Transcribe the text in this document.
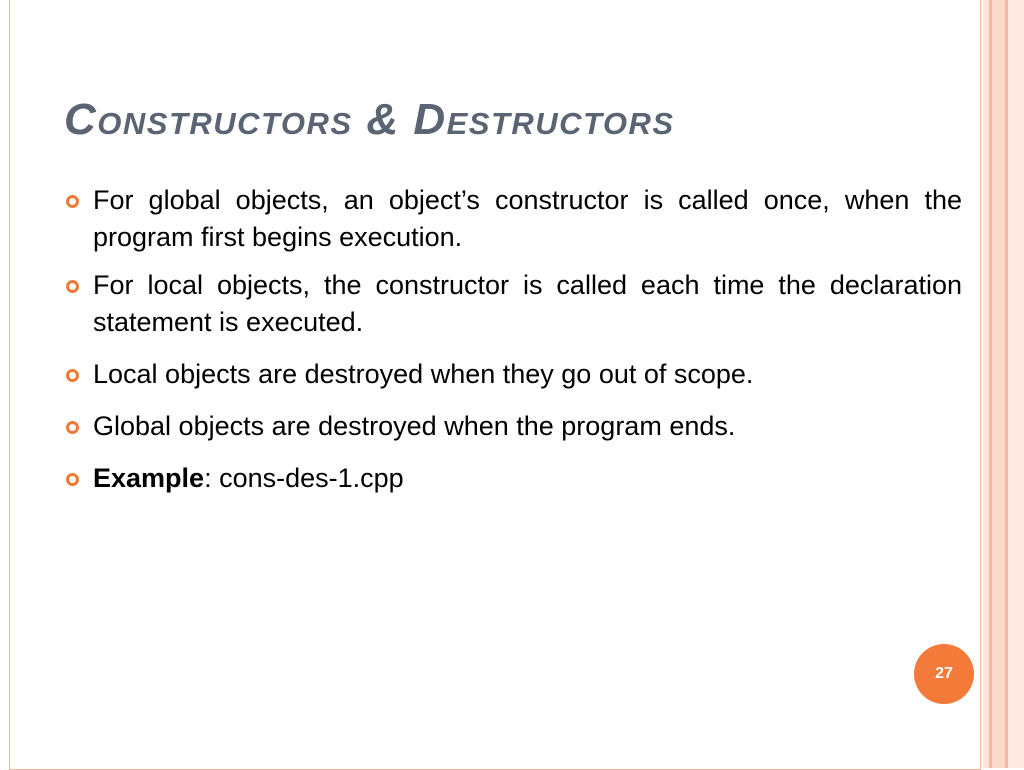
Constructors & Destructors
For global objects, an object’s constructor is called once, when the program first begins execution.
For local objects, the constructor is called each time the declaration statement is executed.
Local objects are destroyed when they go out of scope.
Global objects are destroyed when the program ends.
Example: cons-des-1.cpp
27
